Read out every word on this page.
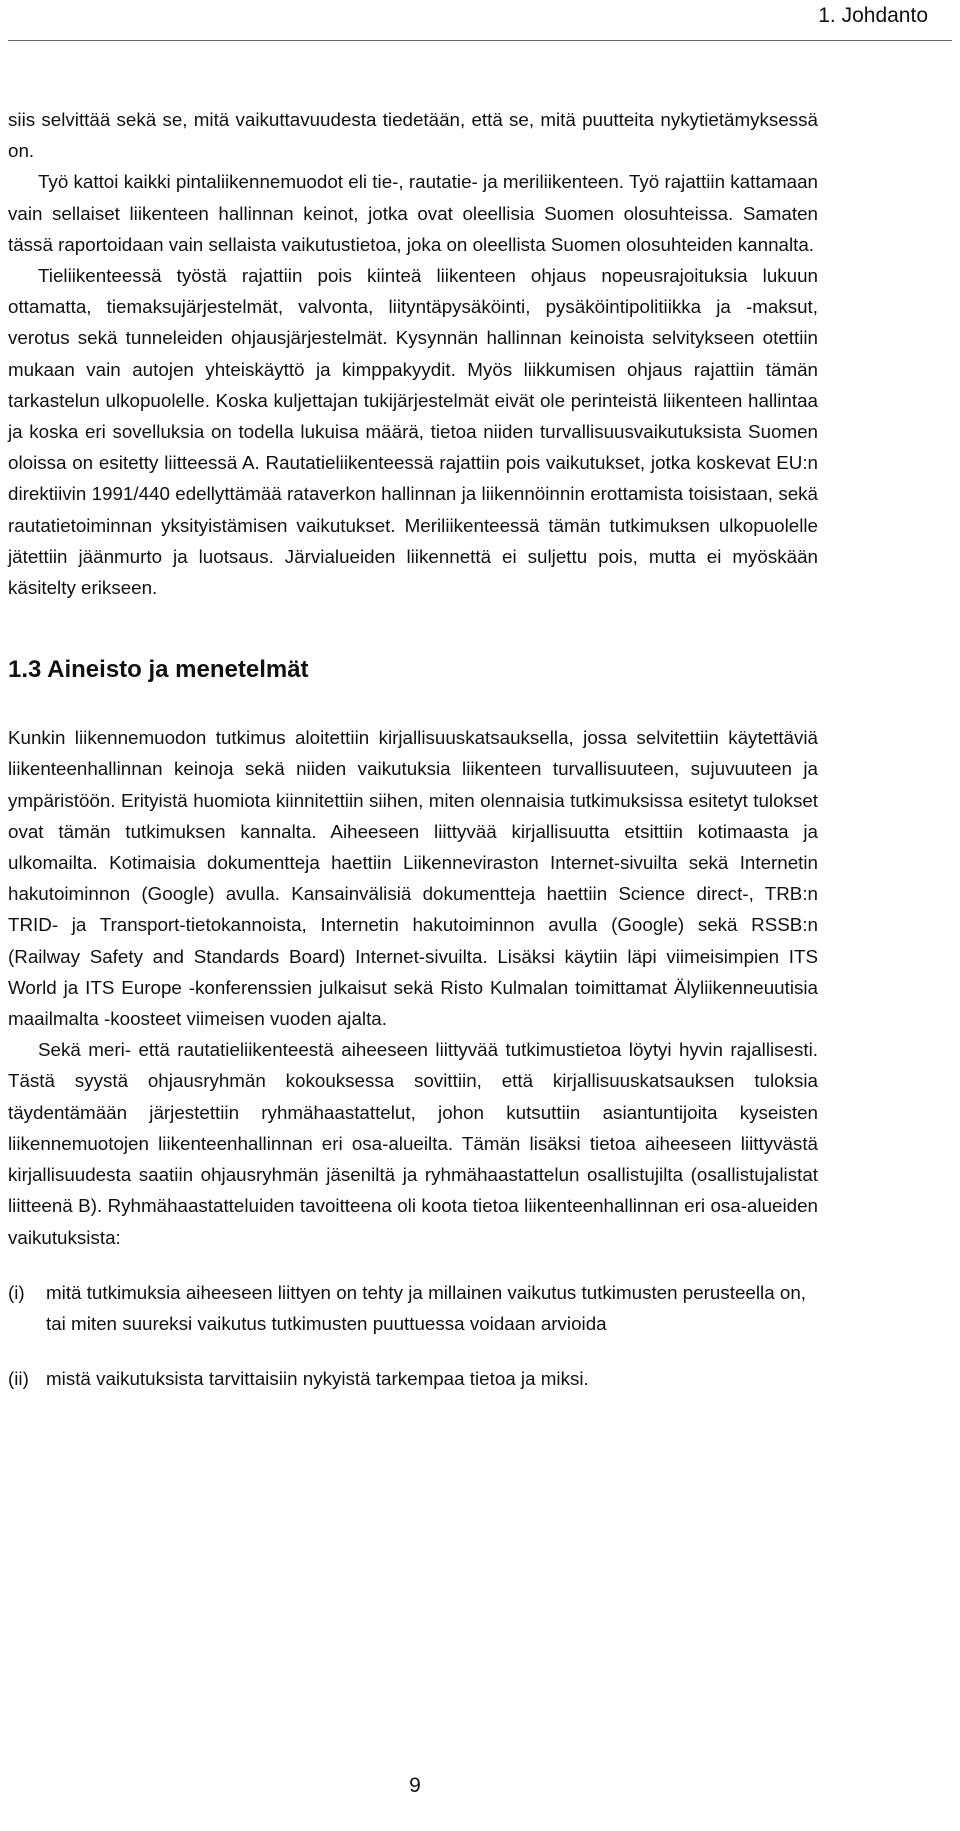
1. Johdanto

siis selvittää sekä se, mitä vaikuttavuudesta tiedetään, että se, mitä puutteita nykytietämyksessä on.

Työ kattoi kaikki pintaliikennemuodot eli tie-, rautatie- ja meriliikenteen. Työ rajattiin kattamaan vain sellaiset liikenteen hallinnan keinot, jotka ovat oleellisia Suomen olosuhteissa. Samaten tässä raportoidaan vain sellaista vaikutustietoa, joka on oleellista Suomen olosuhteiden kannalta.

Tieliikenteessä työstä rajattiin pois kiinteä liikenteen ohjaus nopeusrajoituksia lukuun ottamatta, tiemaksujärjestelmät, valvonta, liityntäpysäköinti, pysäköintipolitiikka ja -maksut, verotus sekä tunneleiden ohjausjärjestelmät. Kysynnän hallinnan keinoista selvitykseen otettiin mukaan vain autojen yhteiskäyttö ja kimppakyydit. Myös liikkumisen ohjaus rajattiin tämän tarkastelun ulkopuolelle. Koska kuljettajan tukijärjestelmät eivät ole perinteistä liikenteen hallintaa ja koska eri sovelluksia on todella lukuisa määrä, tietoa niiden turvallisuusvaikutuksista Suomen oloissa on esitetty liitteessä A. Rautatieliikenteessä rajattiin pois vaikutukset, jotka koskevat EU:n direktiivin 1991/440 edellyttämää rataverkon hallinnan ja liikennöinnin erottamista toisistaan, sekä rautatietoiminnan yksityistämisen vaikutukset. Meriliikenteessä tämän tutkimuksen ulkopuolelle jätettiin jäänmurto ja luotsaus. Järvialueiden liikennettä ei suljettu pois, mutta ei myöskään käsitelty erikseen.

1.3 Aineisto ja menetelmät

Kunkin liikennemuodon tutkimus aloitettiin kirjallisuuskatsauksella, jossa selvitettiin käytettäviä liikenteenhallinnan keinoja sekä niiden vaikutuksia liikenteen turvallisuuteen, sujuvuuteen ja ympäristöön. Erityistä huomiota kiinnitettiin siihen, miten olennaisia tutkimuksissa esitetyt tulokset ovat tämän tutkimuksen kannalta. Aiheeseen liittyvää kirjallisuutta etsittiin kotimaasta ja ulkomailta. Kotimaisia dokumentteja haettiin Liikenneviraston Internet-sivuilta sekä Internetin hakutoiminnon (Google) avulla. Kansainvälisiä dokumentteja haettiin Science direct-, TRB:n TRID- ja Transport-tietokannoista, Internetin hakutoiminnon avulla (Google) sekä RSSB:n (Railway Safety and Standards Board) Internet-sivuilta. Lisäksi käytiin läpi viimeisimpien ITS World ja ITS Europe -konferenssien julkaisut sekä Risto Kulmalan toimittamat Älyliikenneuutisia maailmalta -koosteet viimeisen vuoden ajalta.

Sekä meri- että rautatieliikenteestä aiheeseen liittyvää tutkimustietoa löytyi hyvin rajallisesti. Tästä syystä ohjausryhmän kokouksessa sovittiin, että kirjallisuuskatsauksen tuloksia täydentämään järjestettiin ryhmähaastattelut, johon kutsuttiin asiantuntijoita kyseisten liikennemuotojen liikenteenhallinnan eri osa-alueilta. Tämän lisäksi tietoa aiheeseen liittyvästä kirjallisuudesta saatiin ohjausryhmän jäseniltä ja ryhmähaastattelun osallistujilta (osallistujalistat liitteenä B). Ryhmähaastatteluiden tavoitteena oli koota tietoa liikenteenhallinnan eri osa-alueiden vaikutuksista:

(i)	mitä tutkimuksia aiheeseen liittyen on tehty ja millainen vaikutus tutkimusten perusteella on, tai miten suureksi vaikutus tutkimusten puuttuessa voidaan arvioida
(ii) mistä vaikutuksista tarvittaisiin nykyistä tarkempaa tietoa ja miksi.
9
